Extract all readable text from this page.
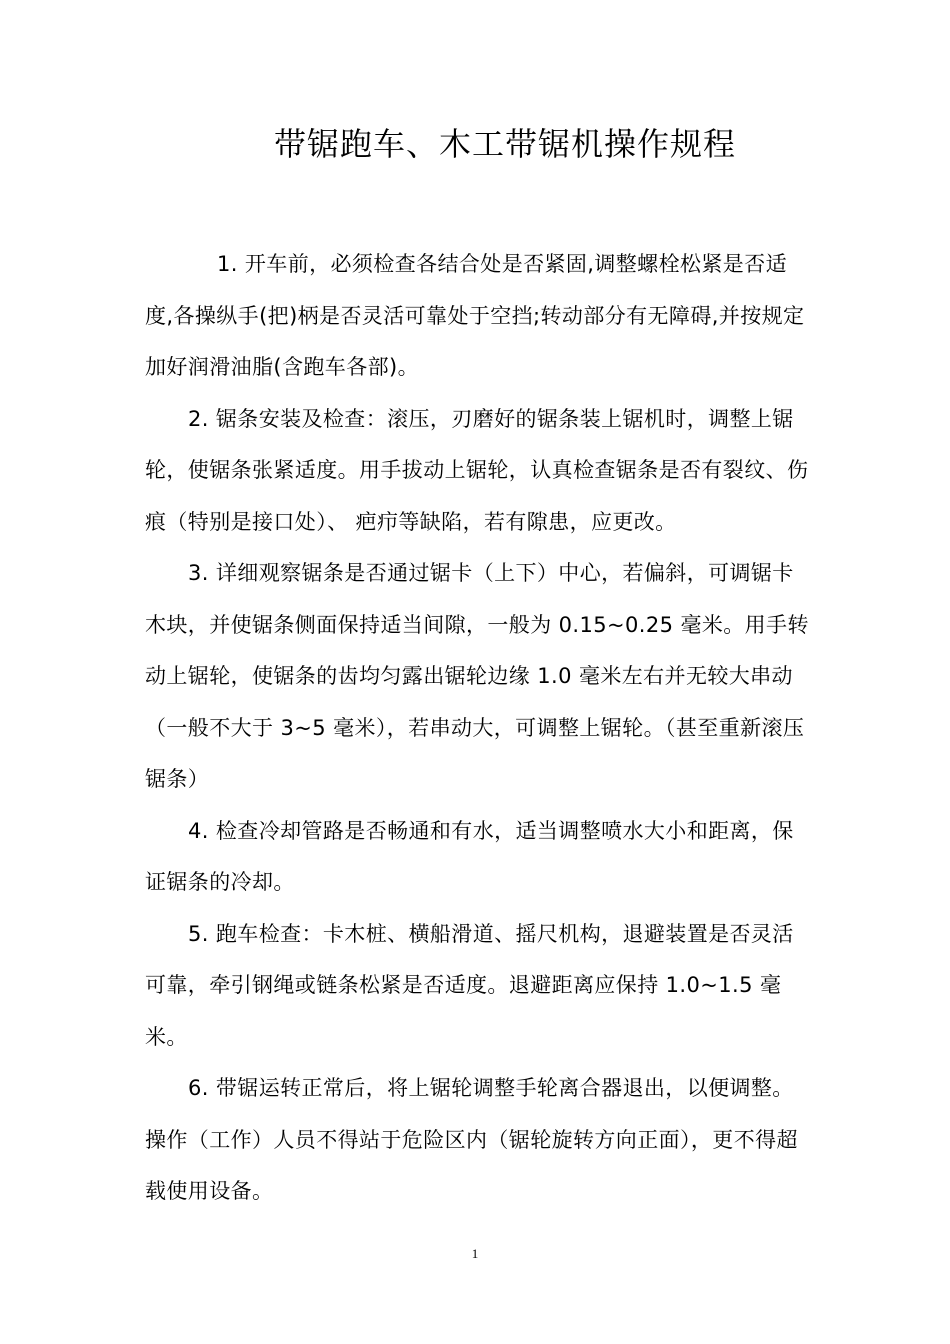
带锯跑车、木工带锯机操作规程

1. 开车前，必须检查各结合处是否紧固,调整螺栓松紧是否适度,各操纵手(把)柄是否灵活可靠处于空挡;转动部分有无障碍,并按规定加好润滑油脂(含跑车各部)。

2. 锯条安装及检查：滚压，刃磨好的锯条装上锯机时，调整上锯轮，使锯条张紧适度。用手拔动上锯轮，认真检查锯条是否有裂纹、伤痕（特别是接口处）、 疤疖等缺陷，若有隙患，应更改。

3. 详细观察锯条是否通过锯卡（上下）中心，若偏斜，可调锯卡木块，并使锯条侧面保持适当间隙，一般为 0.15~0.25 毫米。用手转动上锯轮，使锯条的齿均匀露出锯轮边缘 1.0 毫米左右并无较大串动（一般不大于 3~5 毫米），若串动大，可调整上锯轮。（甚至重新滚压锯条）

4. 检查冷却管路是否畅通和有水，适当调整喷水大小和距离，保证锯条的冷却。

5. 跑车检查：卡木桩、横船滑道、摇尺机构，退避装置是否灵活可靠，牵引钢绳或链条松紧是否适度。退避距离应保持 1.0~1.5 毫米。

6. 带锯运转正常后，将上锯轮调整手轮离合器退出，以便调整。操作（工作）人员不得站于危险区内（锯轮旋转方向正面），更不得超载使用设备。

1
